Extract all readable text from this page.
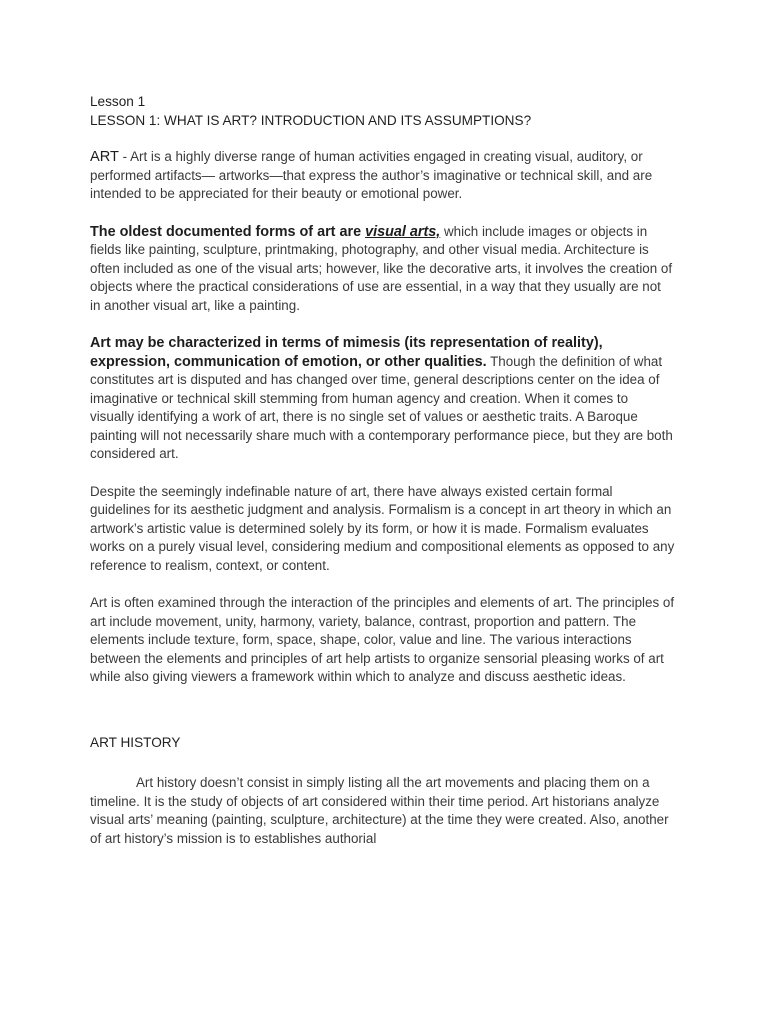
Lesson 1
LESSON 1: WHAT IS ART? INTRODUCTION AND ITS ASSUMPTIONS?

ART - Art is a highly diverse range of human activities engaged in creating visual, auditory, or performed artifacts— artworks—that express the author’s imaginative or technical skill, and are intended to be appreciated for their beauty or emotional power.

The oldest documented forms of art are visual arts, which include images or objects in fields like painting, sculpture, printmaking, photography, and other visual media. Architecture is often included as one of the visual arts; however, like the decorative arts, it involves the creation of objects where the practical considerations of use are essential, in a way that they usually are not in another visual art, like a painting.

Art may be characterized in terms of mimesis (its representation of reality), expression, communication of emotion, or other qualities. Though the definition of what constitutes art is disputed and has changed over time, general descriptions center on the idea of imaginative or technical skill stemming from human agency and creation. When it comes to visually identifying a work of art, there is no single set of values or aesthetic traits. A Baroque painting will not necessarily share much with a contemporary performance piece, but they are both considered art.

Despite the seemingly indefinable nature of art, there have always existed certain formal guidelines for its aesthetic judgment and analysis. Formalism is a concept in art theory in which an artwork’s artistic value is determined solely by its form, or how it is made. Formalism evaluates works on a purely visual level, considering medium and compositional elements as opposed to any reference to realism, context, or content.

Art is often examined through the interaction of the principles and elements of art. The principles of art include movement, unity, harmony, variety, balance, contrast, proportion and pattern. The elements include texture, form, space, shape, color, value and line. The various interactions between the elements and principles of art help artists to organize sensorial pleasing works of art while also giving viewers a framework within which to analyze and discuss aesthetic ideas.

ART HISTORY

Art history doesn’t consist in simply listing all the art movements and placing them on a timeline. It is the study of objects of art considered within their time period. Art historians analyze visual arts’ meaning (painting, sculpture, architecture) at the time they were created. Also, another of art history’s mission is to establishes authorial
